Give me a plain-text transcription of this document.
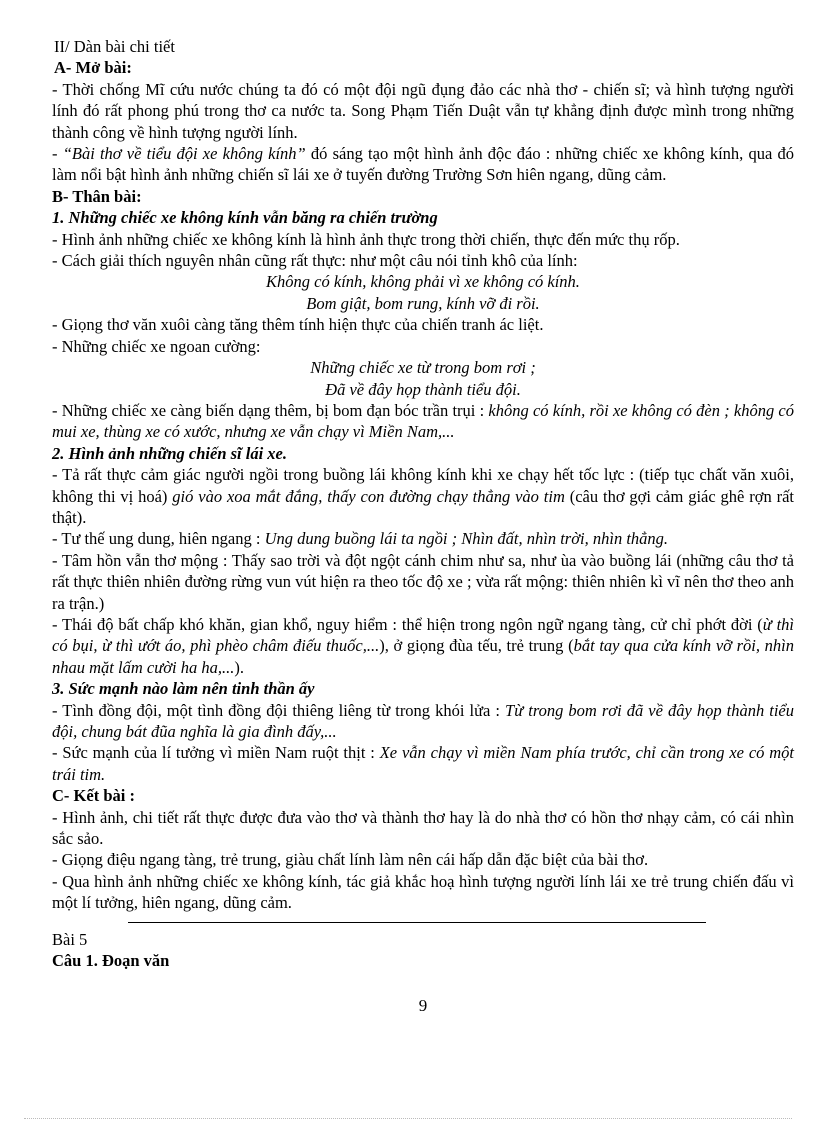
II/ Dàn bài chi tiết

A- Mở bài:

- Thời chống Mĩ cứu nước chúng ta đó có một đội ngũ đụng đảo các nhà thơ - chiến sĩ; và hình tượng người lính đó rất phong phú trong thơ ca nước ta. Song Phạm Tiến Duật vẫn tự khẳng định được mình trong những thành công về hình tượng người lính.

- “Bài thơ về tiểu đội xe không kính” đó sáng tạo một hình ảnh độc đáo : những chiếc xe không kính, qua đó làm nổi bật hình ảnh những chiến sĩ lái xe ở tuyến đường Trường Sơn hiên ngang, dũng cảm.

B- Thân bài:

1. Những chiếc xe không kính vẫn băng ra chiến trường

- Hình ảnh những chiếc xe không kính là hình ảnh thực trong thời chiến, thực đến mức thụ rốp.

- Cách giải thích nguyên nhân cũng rất thực: như một câu nói tỉnh khô của lính:

Không có kính, không phải vì xe không có kính.

Bom giật, bom rung, kính vỡ đi rồi.

- Giọng thơ văn xuôi càng tăng thêm tính hiện thực của chiến tranh ác liệt.

- Những chiếc xe ngoan cường:

Những chiếc xe từ trong bom rơi ;

Đã về đây họp thành tiểu đội.

- Những chiếc xe càng biến dạng thêm, bị bom đạn bóc trần trụi : không có kính, rồi xe không có đèn ; không có mui xe, thùng xe có xước, nhưng xe vẫn chạy vì Miền Nam,...

2. Hình ảnh những chiến sĩ lái xe.

- Tả rất thực cảm giác người ngồi trong buồng lái không kính khi xe chạy hết tốc lực : (tiếp tục chất văn xuôi, không thi vị hoá) gió vào xoa mắt đắng, thấy con đường chạy thẳng vào tim (câu thơ gợi cảm giác ghê rợn rất thật).

- Tư thế ung dung, hiên ngang : Ung dung buồng lái ta ngồi ; Nhìn đất, nhìn trời, nhìn thẳng.

- Tâm hồn vẫn thơ mộng : Thấy sao trời và đột ngột cánh chim như sa, như ùa vào buồng lái (những câu thơ tả rất thực thiên nhiên đường rừng vun vút hiện ra theo tốc độ xe ; vừa rất mộng: thiên nhiên kì vĩ nên thơ theo anh ra trận.)

- Thái độ bất chấp khó khăn, gian khổ, nguy hiểm : thể hiện trong ngôn ngữ ngang tàng, cử chỉ phớt đời (ừ thì có bụi, ừ thì ướt áo, phì phèo châm điếu thuốc,...), ở giọng đùa tếu, trẻ trung (bắt tay qua cửa kính vỡ rồi, nhìn nhau mặt lấm cười ha ha,...).

3. Sức mạnh nào làm nên tinh thần ấy

- Tình đồng đội, một tình đồng đội thiêng liêng từ trong khói lửa : Từ trong bom rơi đã về đây họp thành tiểu đội, chung bát đũa nghĩa là gia đình đấy,...

- Sức mạnh của lí tưởng vì miền Nam ruột thịt : Xe vẫn chạy vì miền Nam phía trước, chỉ cần trong xe có một trái tim.

C- Kết bài :

- Hình ảnh, chi tiết rất thực được đưa vào thơ và thành thơ hay là do nhà thơ có hồn thơ nhạy cảm, có cái nhìn sắc sảo.

- Giọng điệu ngang tàng, trẻ trung, giàu chất lính làm nên cái hấp dẫn đặc biệt của bài thơ.

- Qua hình ảnh những chiếc xe không kính, tác giả khắc hoạ hình tượng người lính lái xe trẻ trung chiến đấu vì một lí tưởng, hiên ngang, dũng cảm.

Bài 5

Câu 1. Đoạn văn

9
